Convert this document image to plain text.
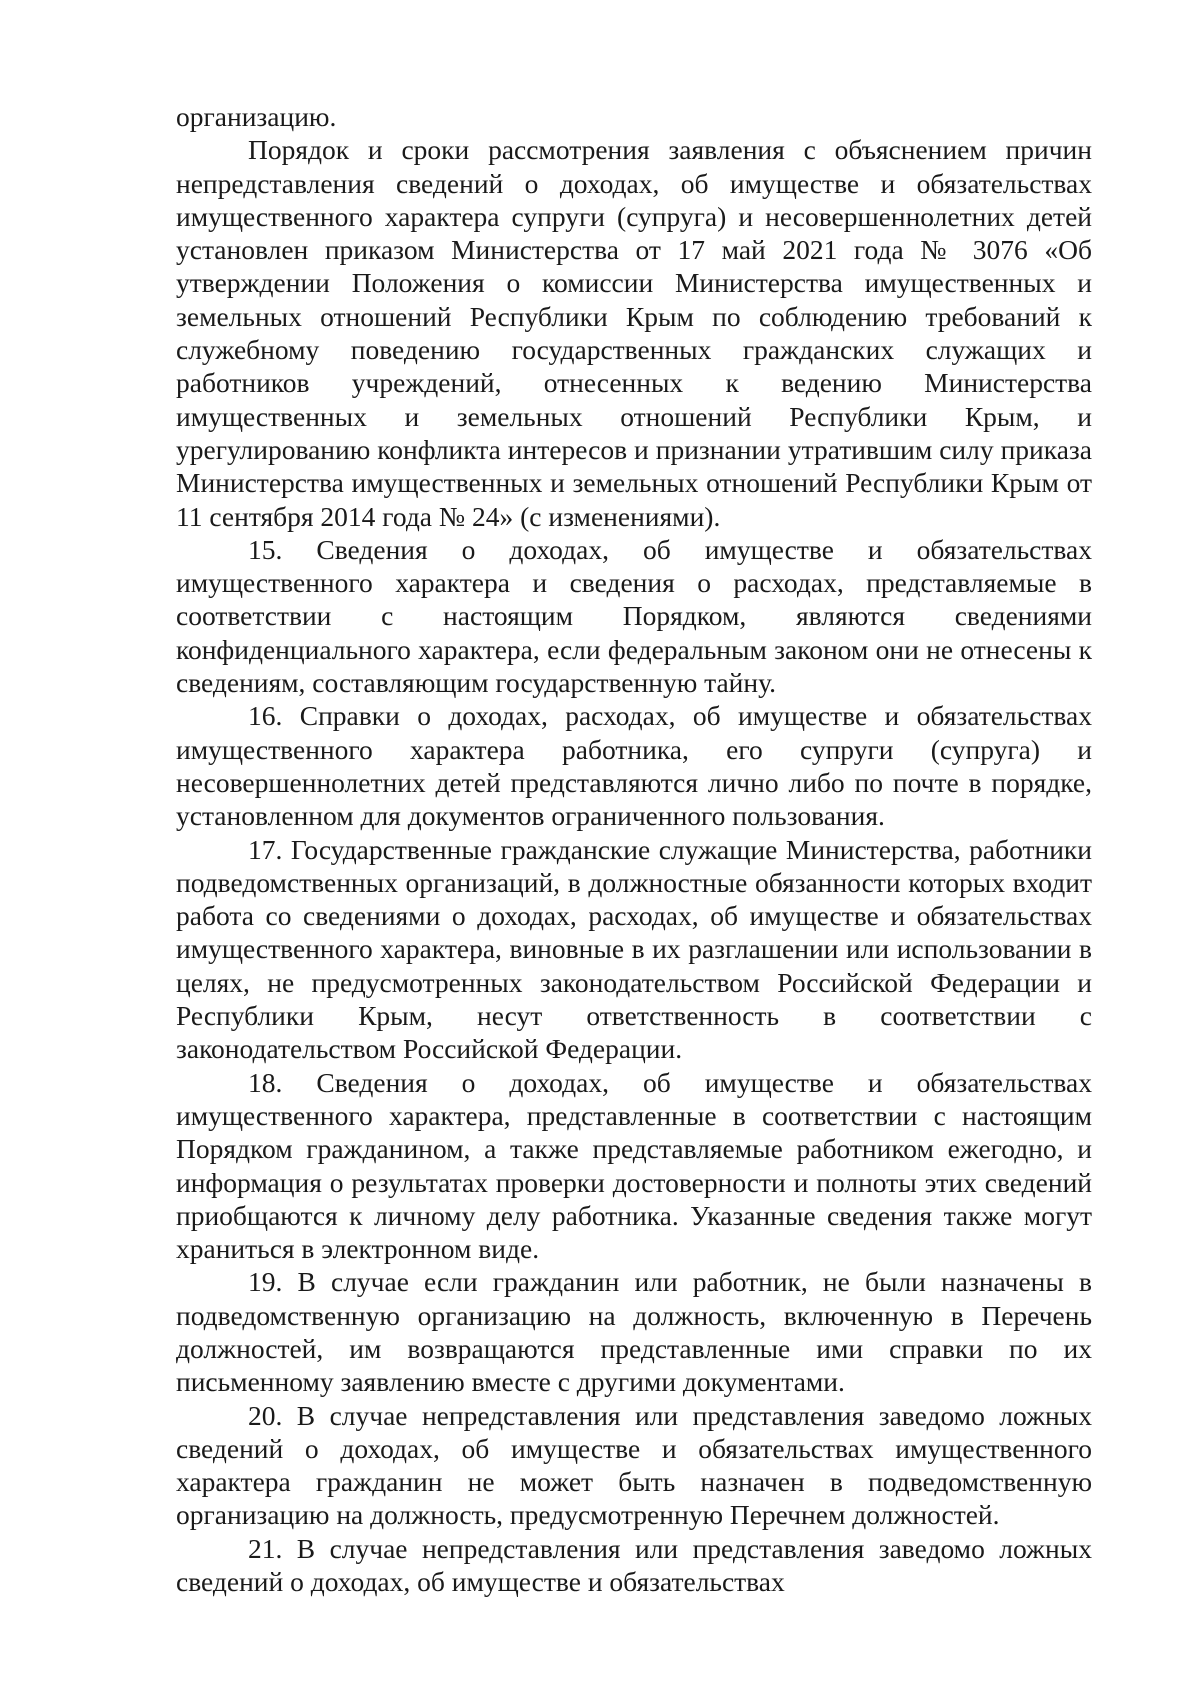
организацию.

Порядок и сроки рассмотрения заявления с объяснением причин непредставления сведений о доходах, об имуществе и обязательствах имущественного характера супруги (супруга) и несовершеннолетних детей установлен приказом Министерства от 17 май 2021 года № 3076 «Об утверждении Положения о комиссии Министерства имущественных и земельных отношений Республики Крым по соблюдению требований к служебному поведению государственных гражданских служащих и работников учреждений, отнесенных к ведению Министерства имущественных и земельных отношений Республики Крым, и урегулированию конфликта интересов и признании утратившим силу приказа Министерства имущественных и земельных отношений Республики Крым от 11 сентября 2014 года № 24» (с изменениями).

15. Сведения о доходах, об имуществе и обязательствах имущественного характера и сведения о расходах, представляемые в соответствии с настоящим Порядком, являются сведениями конфиденциального характера, если федеральным законом они не отнесены к сведениям, составляющим государственную тайну.

16. Справки о доходах, расходах, об имуществе и обязательствах имущественного характера работника, его супруги (супруга) и несовершеннолетних детей представляются лично либо по почте в порядке, установленном для документов ограниченного пользования.

17. Государственные гражданские служащие Министерства, работники подведомственных организаций, в должностные обязанности которых входит работа со сведениями о доходах, расходах, об имуществе и обязательствах имущественного характера, виновные в их разглашении или использовании в целях, не предусмотренных законодательством Российской Федерации и Республики Крым, несут ответственность в соответствии с законодательством Российской Федерации.

18. Сведения о доходах, об имуществе и обязательствах имущественного характера, представленные в соответствии с настоящим Порядком гражданином, а также представляемые работником ежегодно, и информация о результатах проверки достоверности и полноты этих сведений приобщаются к личному делу работника. Указанные сведения также могут храниться в электронном виде.

19. В случае если гражданин или работник, не были назначены в подведомственную организацию на должность, включенную в Перечень должностей, им возвращаются представленные ими справки по их письменному заявлению вместе с другими документами.

20. В случае непредставления или представления заведомо ложных сведений о доходах, об имуществе и обязательствах имущественного характера гражданин не может быть назначен в подведомственную организацию на должность, предусмотренную Перечнем должностей.

21. В случае непредставления или представления заведомо ложных сведений о доходах, об имуществе и обязательствах
